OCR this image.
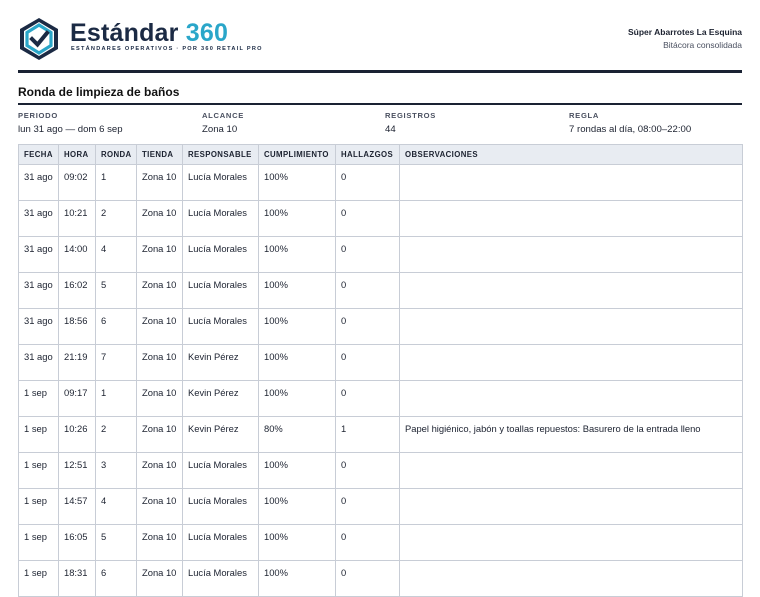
Estándar 360
ESTÁNDARES OPERATIVOS · POR 360 RETAIL PRO
Súper Abarrotes La Esquina
Bitácora consolidada
Ronda de limpieza de baños
PERIODO
lun 31 ago — dom 6 sep
ALCANCE
Zona 10
REGISTROS
44
REGLA
7 rondas al día, 08:00–22:00
FECHA	HORA	RONDA	TIENDA	RESPONSABLE	CUMPLIMIENTO	HALLAZGOS	OBSERVACIONES
31 ago	09:02	1	Zona 10	Lucía Morales	100%	0	
31 ago	10:21	2	Zona 10	Lucía Morales	100%	0	
31 ago	14:00	4	Zona 10	Lucía Morales	100%	0	
31 ago	16:02	5	Zona 10	Lucía Morales	100%	0	
31 ago	18:56	6	Zona 10	Lucía Morales	100%	0	
31 ago	21:19	7	Zona 10	Kevin Pérez	100%	0	
1 sep	09:17	1	Zona 10	Kevin Pérez	100%	0	
1 sep	10:26	2	Zona 10	Kevin Pérez	80%	1	Papel higiénico, jabón y toallas repuestos: Basurero de la entrada lleno
1 sep	12:51	3	Zona 10	Lucía Morales	100%	0	
1 sep	14:57	4	Zona 10	Lucía Morales	100%	0	
1 sep	16:05	5	Zona 10	Lucía Morales	100%	0	
1 sep	18:31	6	Zona 10	Lucía Morales	100%	0	
